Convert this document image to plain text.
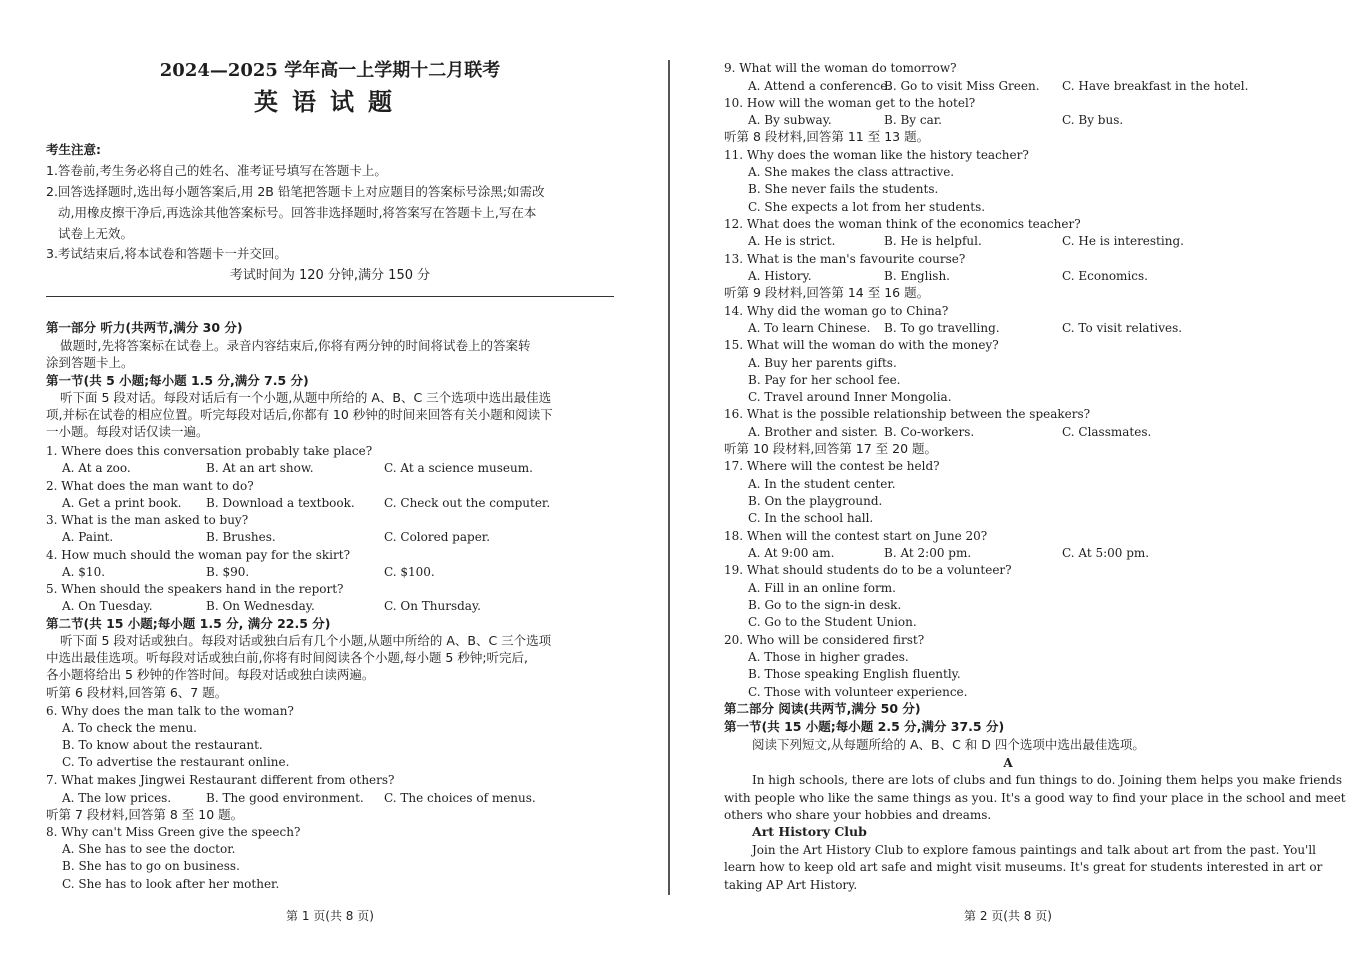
2024—2025 学年高一上学期十二月联考
英语试题
考生注意:
1.答卷前,考生务必将自己的姓名、准考证号填写在答题卡上。
2.回答选择题时,选出每小题答案后,用 2B 铅笔把答题卡上对应题目的答案标号涂黑;如需改
动,用橡皮擦干净后,再选涂其他答案标号。回答非选择题时,将答案写在答题卡上,写在本
试卷上无效。
3.考试结束后,将本试卷和答题卡一并交回。
考试时间为 120 分钟,满分 150 分
第一部分 听力(共两节,满分 30 分)
做题时,先将答案标在试卷上。录音内容结束后,你将有两分钟的时间将试卷上的答案转
涂到答题卡上。
第一节(共 5 小题;每小题 1.5 分,满分 7.5 分)
听下面 5 段对话。每段对话后有一个小题,从题中所给的 A、B、C 三个选项中选出最佳选
项,并标在试卷的相应位置。听完每段对话后,你都有 10 秒钟的时间来回答有关小题和阅读下
一小题。每段对话仅读一遍。
1. Where does this conversation probably take place?
A. At a zoo.	B. At an art show.	C. At a science museum.
2. What does the man want to do?
A. Get a print book. B. Download a textbook. C. Check out the computer.
3. What is the man asked to buy?
A. Paint.	B. Brushes.	C. Colored paper.
4. How much should the woman pay for the skirt?
A. $10.	B. $90.	C. $100.
5. When should the speakers hand in the report?
A. On Tuesday.	B. On Wednesday.	C. On Thursday.
第二节(共 15 小题;每小题 1.5 分, 满分 22.5 分)
听下面 5 段对话或独白。每段对话或独白后有几个小题,从题中所给的 A、B、C 三个选项
中选出最佳选项。听每段对话或独白前,你将有时间阅读各个小题,每小题 5 秒钟;听完后,
各小题将给出 5 秒钟的作答时间。每段对话或独白读两遍。
听第 6 段材料,回答第 6、7 题。
6. Why does the man talk to the woman?
A. To check the menu.
B. To know about the restaurant.
C. To advertise the restaurant online.
7. What makes Jingwei Restaurant different from others?
A. The low prices.	B. The good environment. C. The choices of menus.
听第 7 段材料,回答第 8 至 10 题。
8. Why can't Miss Green give the speech?
A. She has to see the doctor.
B. She has to go on business.
C. She has to look after her mother.
第 1 页(共 8 页)
9. What will the woman do tomorrow?
A. Attend a conference.
B. Go to visit Miss Green. C. Have breakfast in the hotel.
10. How will the woman get to the hotel?
A. By subway.	B. By car.	C. By bus.
听第 8 段材料,回答第 11 至 13 题。
11. Why does the woman like the history teacher?
A. She makes the class attractive.
B. She never fails the students.
C. She expects a lot from her students.
12. What does the woman think of the economics teacher?
A. He is strict.	B. He is helpful.	C. He is interesting.
13. What is the man's favourite course?
A. History.	B. English.	C. Economics.
听第 9 段材料,回答第 14 至 16 题。
14. Why did the woman go to China?
A. To learn Chinese. B. To go travelling.	C. To visit relatives.
15. What will the woman do with the money?
A. Buy her parents gifts.
B. Pay for her school fee.
C. Travel around Inner Mongolia.
16. What is the possible relationship between the speakers?
A. Brother and sister. B. Co-workers.	C. Classmates.
听第 10 段材料,回答第 17 至 20 题。
17. Where will the contest be held?
A. In the student center.
B. On the playground.
C. In the school hall.
18. When will the contest start on June 20?
A. At 9:00 am.	B. At 2:00 pm.	C. At 5:00 pm.
19. What should students do to be a volunteer?
A. Fill in an online form.
B. Go to the sign-in desk.
C. Go to the Student Union.
20. Who will be considered first?
A. Those in higher grades.
B. Those speaking English fluently.
C. Those with volunteer experience.
第二部分 阅读(共两节,满分 50 分)
第一节(共 15 小题;每小题 2.5 分,满分 37.5 分)
阅读下列短文,从每题所给的 A、B、C 和 D 四个选项中选出最佳选项。
A
In high schools, there are lots of clubs and fun things to do. Joining them helps you make friends
with people who like the same things as you. It's a good way to find your place in the school and meet
others who share your hobbies and dreams.
Art History Club
Join the Art History Club to explore famous paintings and talk about art from the past. You'll
learn how to keep old art safe and might visit museums. It's great for students interested in art or
taking AP Art History.
第 2 页(共 8 页)
